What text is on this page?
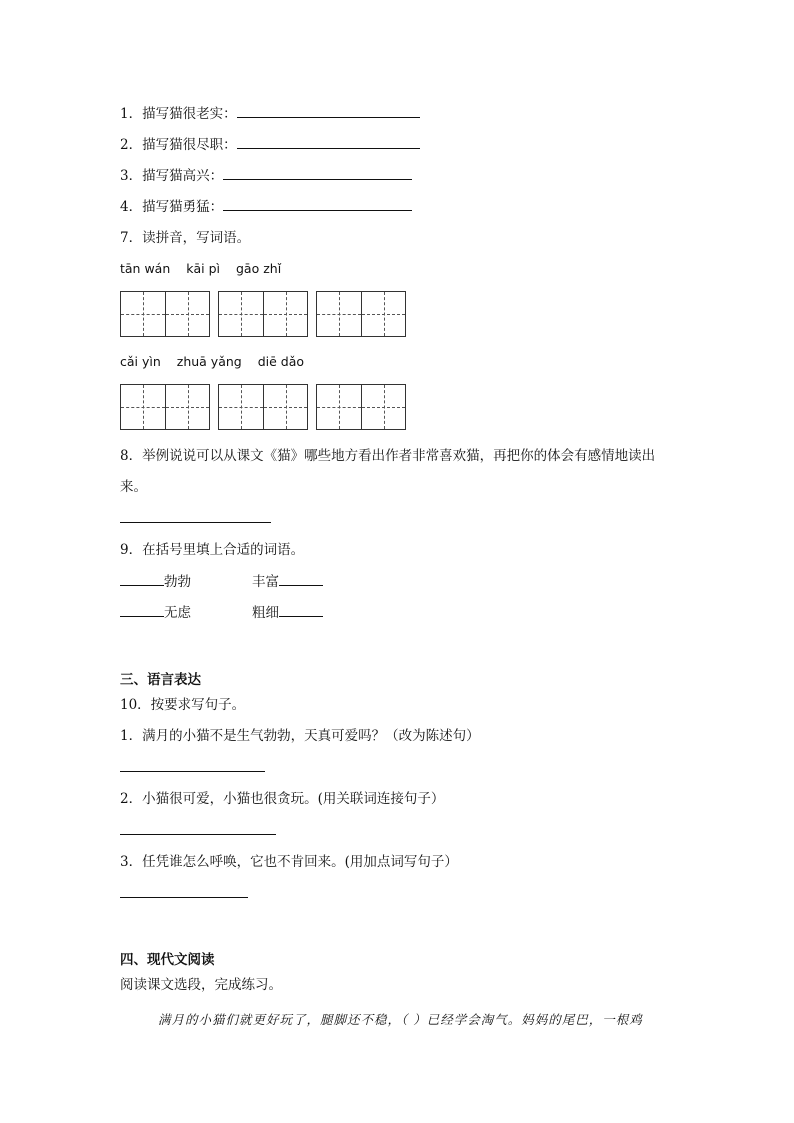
1．描写猫很老实：
2．描写猫很尽职：
3．描写猫高兴：
4．描写猫勇猛：
7．读拼音，写词语。
tān wán kāi pì gāo zhǐ
cǎi yìn zhuā yǎng diē dǎo
8．举例说说可以从课文《猫》哪些地方看出作者非常喜欢猫，再把你的体会有感情地读出
来。
9．在括号里填上合适的词语。
勃勃	丰富
无虑	粗细
三、语言表达
10．按要求写句子。
1．满月的小猫不是生气勃勃，天真可爱吗？（改为陈述句）
2．小猫很可爱，小猫也很贪玩。(用关联词连接句子）
3．任凭谁怎么呼唤，它也不肯回来。(用加点词写句子）
四、现代文阅读
阅读课文选段，完成练习。
满月的小猫们就更好玩了，腿脚还不稳，（ ）已经学会淘气。妈妈的尾巴，一根鸡
